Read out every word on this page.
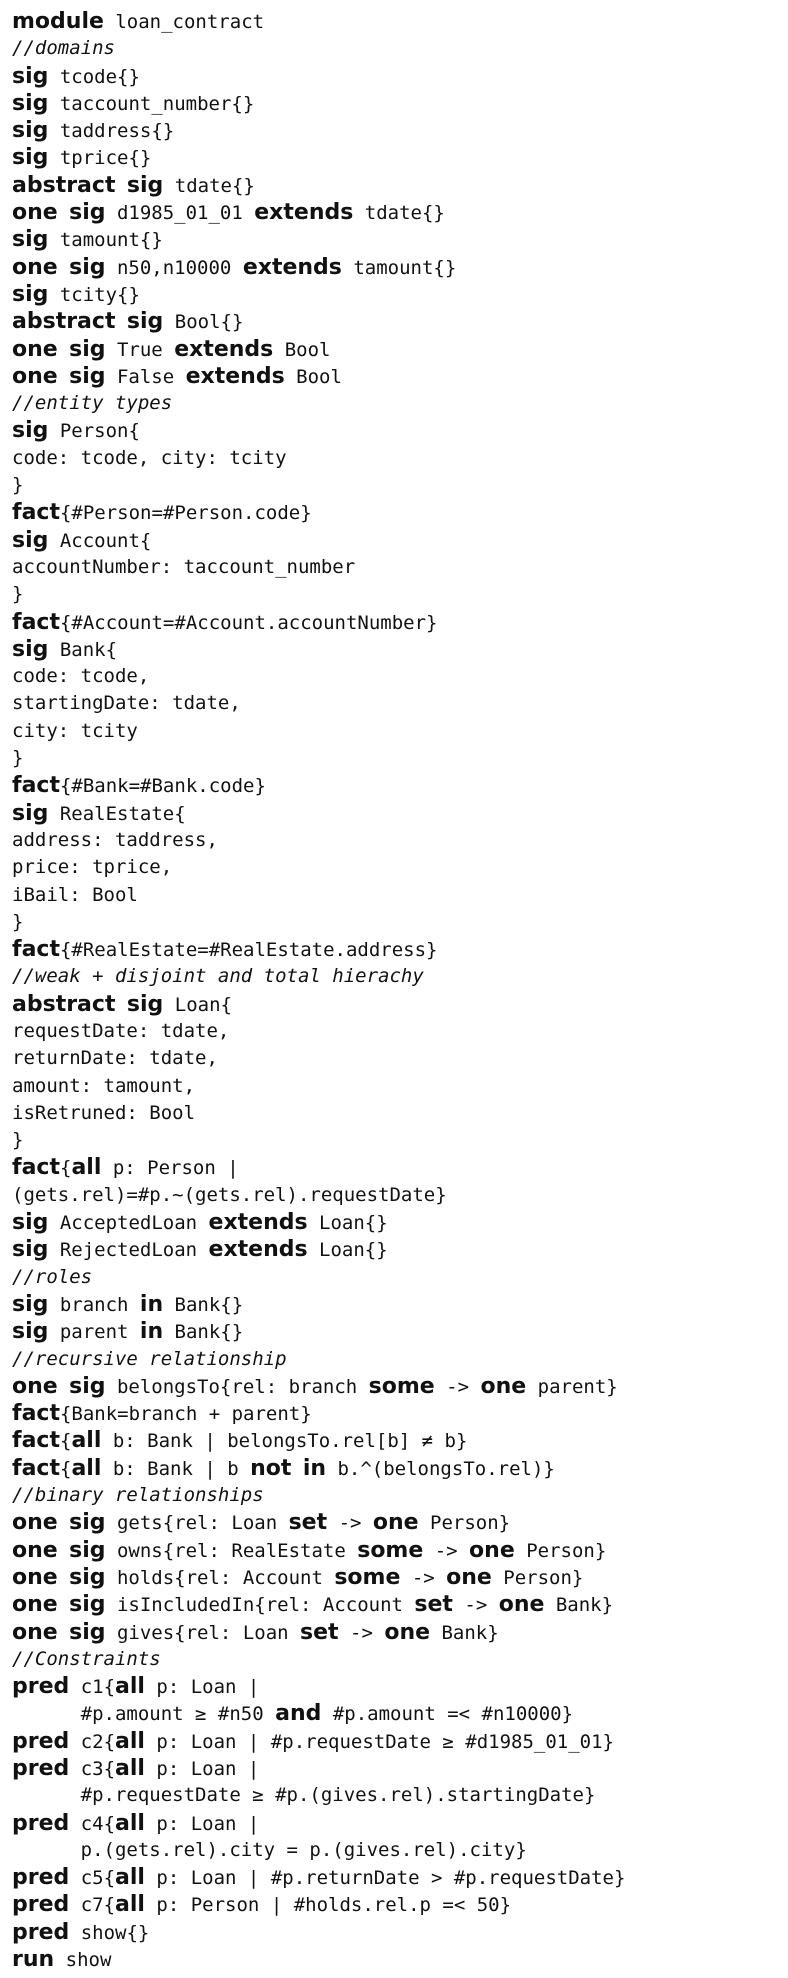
module loan_contract
//domains
sig tcode{}
sig taccount_number{}
sig taddress{}
sig tprice{}
abstract sig tdate{}
one sig d1985_01_01 extends tdate{}
sig tamount{}
one sig n50,n10000 extends tamount{}
sig tcity{}
abstract sig Bool{}
one sig True extends Bool
one sig False extends Bool
//entity types
sig Person{
code: tcode, city: tcity
}
fact{#Person=#Person.code}
sig Account{
accountNumber: taccount_number
}
fact{#Account=#Account.accountNumber}
sig Bank{
code: tcode,
startingDate: tdate,
city: tcity
}
fact{#Bank=#Bank.code}
sig RealEstate{
address: taddress,
price: tprice,
iBail: Bool
}
fact{#RealEstate=#RealEstate.address}
//weak + disjoint and total hierachy
abstract sig Loan{
requestDate: tdate,
returnDate: tdate,
amount: tamount,
isRetruned: Bool
}
fact{all p: Person |
(gets.rel)=#p.~(gets.rel).requestDate}
sig AcceptedLoan extends Loan{}
sig RejectedLoan extends Loan{}
//roles
sig branch in Bank{}
sig parent in Bank{}
//recursive relationship
one sig belongsTo{rel: branch some -> one parent}
fact{Bank=branch + parent}
fact{all b: Bank | belongsTo.rel[b] ≠ b}
fact{all b: Bank | b not in b.^(belongsTo.rel)}
//binary relationships
one sig gets{rel: Loan set -> one Person}
one sig owns{rel: RealEstate some -> one Person}
one sig holds{rel: Account some -> one Person}
one sig isIncludedIn{rel: Account set -> one Bank}
one sig gives{rel: Loan set -> one Bank}
//Constraints
pred c1{all p: Loan |
#p.amount ≥ #n50 and #p.amount =< #n10000}
pred c2{all p: Loan | #p.requestDate ≥ #d1985_01_01}
pred c3{all p: Loan |
#p.requestDate ≥ #p.(gives.rel).startingDate}
pred c4{all p: Loan |
p.(gets.rel).city = p.(gives.rel).city}
pred c5{all p: Loan | #p.returnDate > #p.requestDate}
pred c7{all p: Person | #holds.rel.p =< 50}
pred show{}
run show
